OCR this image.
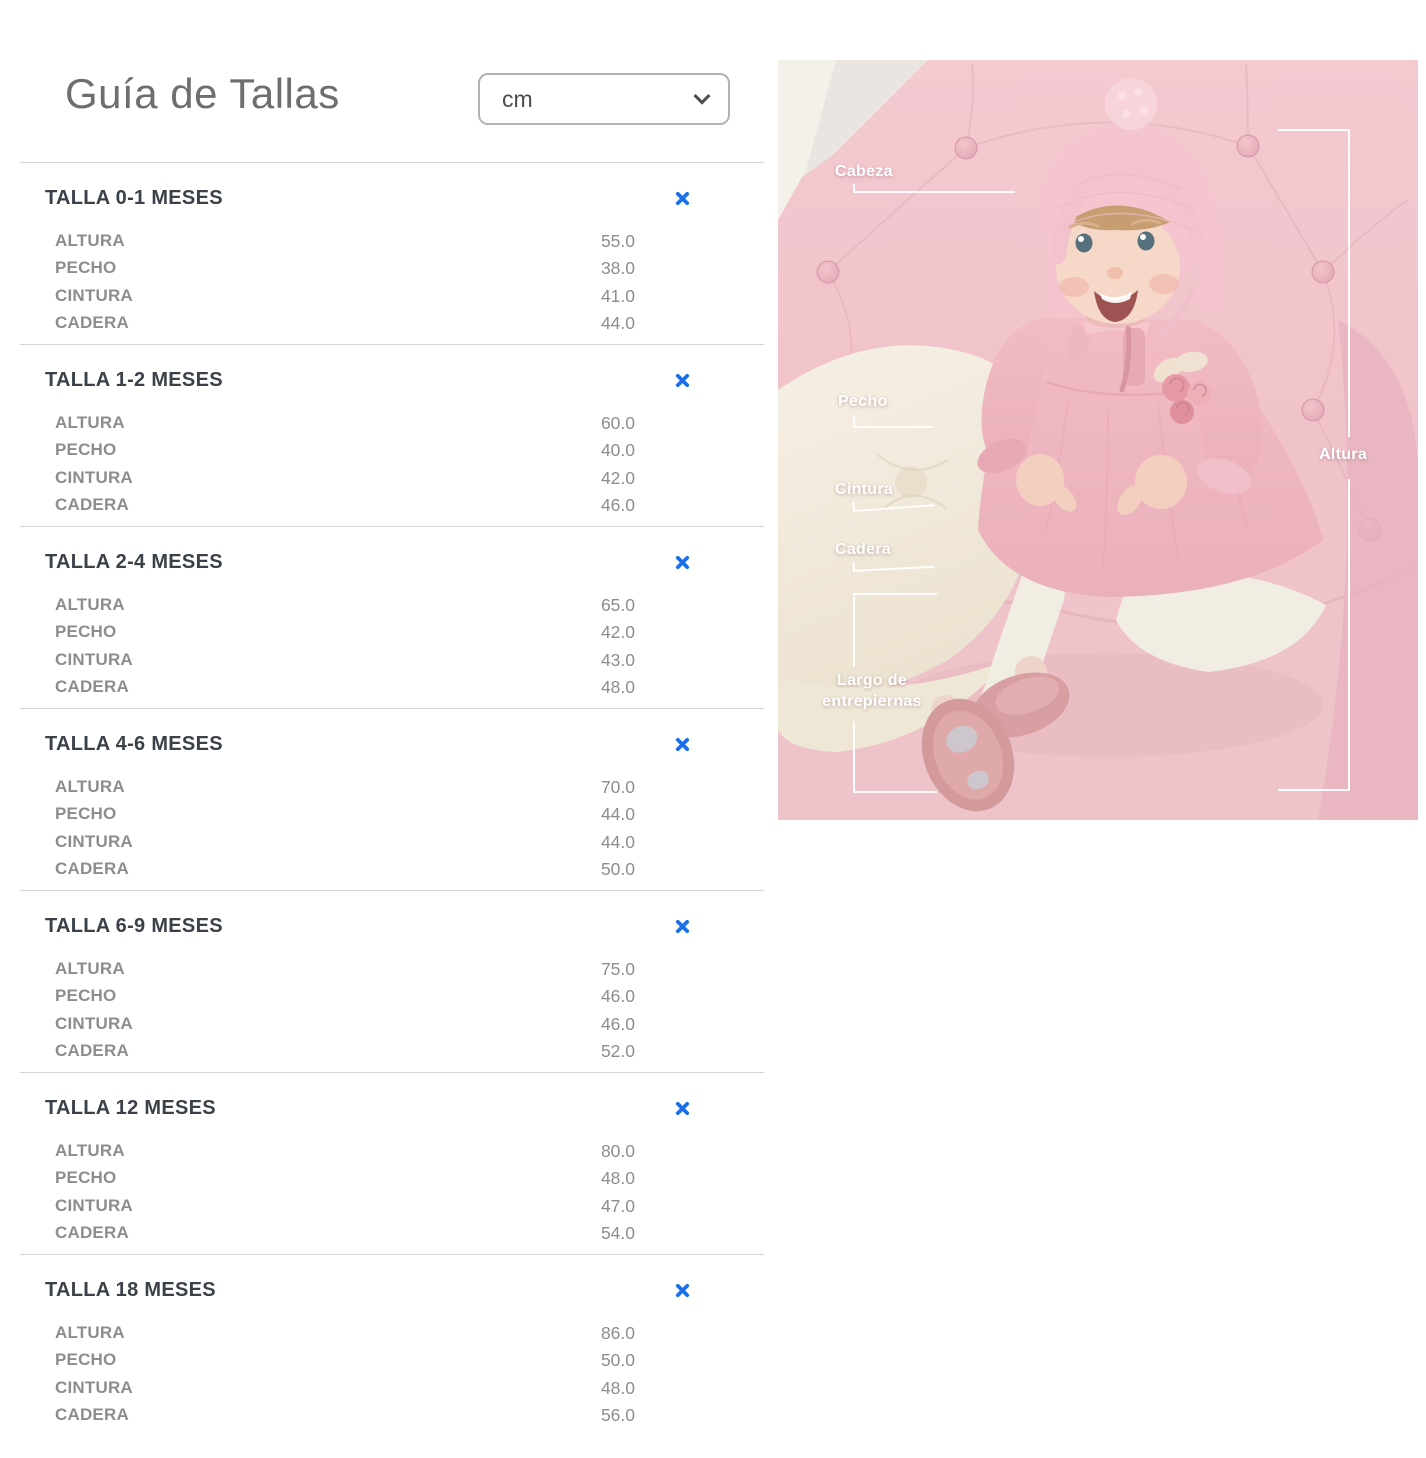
Guía de Tallas	cm
TALLA 0-1 MESES
ALTURA	55.0
PECHO	38.0
CINTURA	41.0
CADERA	44.0
TALLA 1-2 MESES
ALTURA	60.0
PECHO	40.0
CINTURA	42.0
CADERA	46.0
TALLA 2-4 MESES
ALTURA	65.0
PECHO	42.0
CINTURA	43.0
CADERA	48.0
TALLA 4-6 MESES
ALTURA	70.0
PECHO	44.0
CINTURA	44.0
CADERA	50.0
TALLA 6-9 MESES
ALTURA	75.0
PECHO	46.0
CINTURA	46.0
CADERA	52.0
TALLA 12 MESES
ALTURA	80.0
PECHO	48.0
CINTURA	47.0
CADERA	54.0
TALLA 18 MESES
ALTURA	86.0
PECHO	50.0
CINTURA	48.0
CADERA	56.0
Cabeza
Pecho
Cintura
Cadera
Largo de entrepiernas
Altura
